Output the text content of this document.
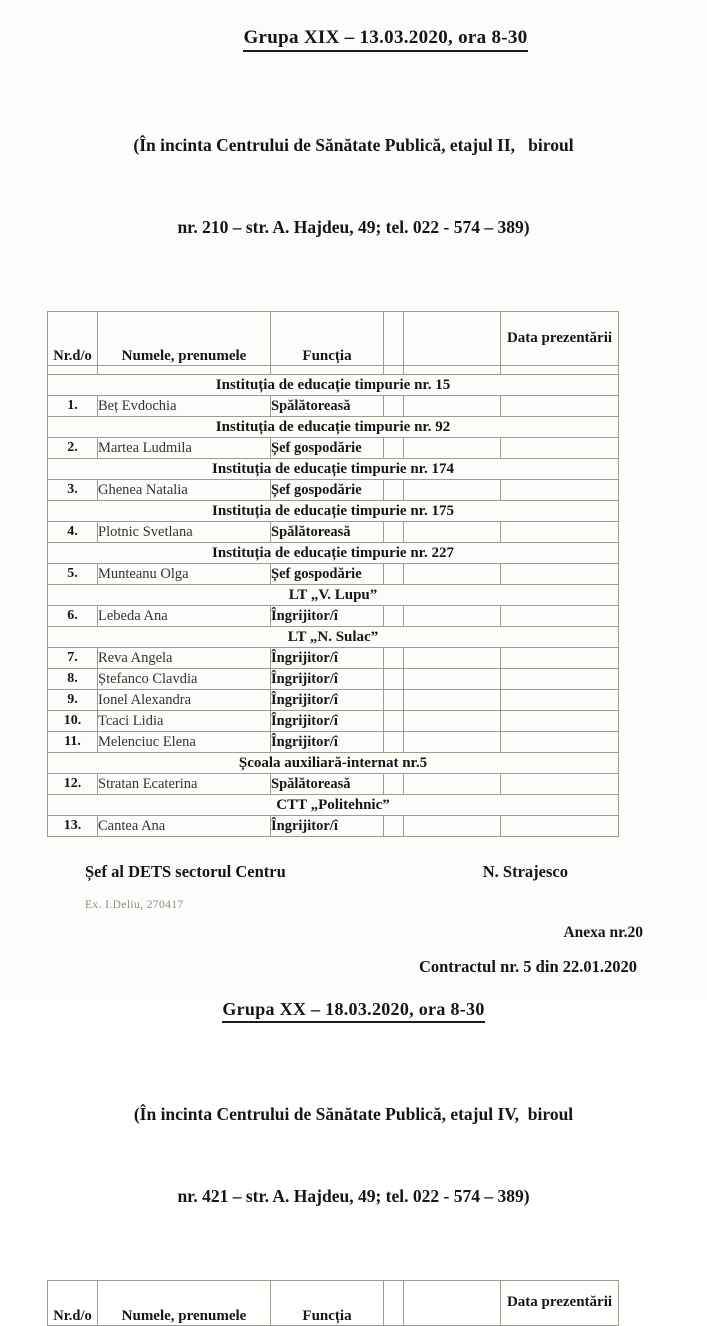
Grupa XIX – 13.03.2020, ora 8-30

(În incinta Centrului de Sănătate Publică, etajul II,   biroul

nr. 210 – str. A. Hajdeu, 49; tel. 022 - 574 – 389)

Nr.d/o	Numele, prenumele	Funcția			Data prezentării

Instituția de educație timpurie nr. 15					
1.	Beț Evdochia	Spălătoreasă			
Instituția de educație timpurie nr. 92					
2.	Martea Ludmila	Șef gospodărie			
Instituția de educație timpurie nr. 174					
3.	Ghenea Natalia	Șef gospodărie			
Instituția de educație timpurie nr. 175					
4.	Plotnic Svetlana	Spălătoreasă			
Instituția de educație timpurie nr. 227					
5.	Munteanu Olga	Șef gospodărie			
LT „V. Lupu”					
6.	Lebeda Ana	Îngrijitor/î			
LT „N. Sulac”					
7.	Reva Angela	Îngrijitor/î			
8.	Ștefanco Clavdia	Îngrijitor/î			
9.	Ionel Alexandra	Îngrijitor/î			
10.	Tcaci Lidia	Îngrijitor/î			
11.	Melenciuc Elena	Îngrijitor/î			
Școala auxiliară-internat nr.5					
12.	Stratan Ecaterina	Spălătoreasă			
CTT „Politehnic”					
13.	Cantea Ana	Îngrijitor/î			
Șef al DETS sectorul Centru	N. Strajesco
Ex. I.Deliu, 270417
Anexa nr.20
Contractul nr. 5 din 22.01.2020
Grupa XX – 18.03.2020, ora 8-30

(În incinta Centrului de Sănătate Publică, etajul IV,  biroul

nr. 421 – str. A. Hajdeu, 49; tel. 022 - 574 – 389)

Nr.d/o	Numele, prenumele	Funcția			Data prezentării
